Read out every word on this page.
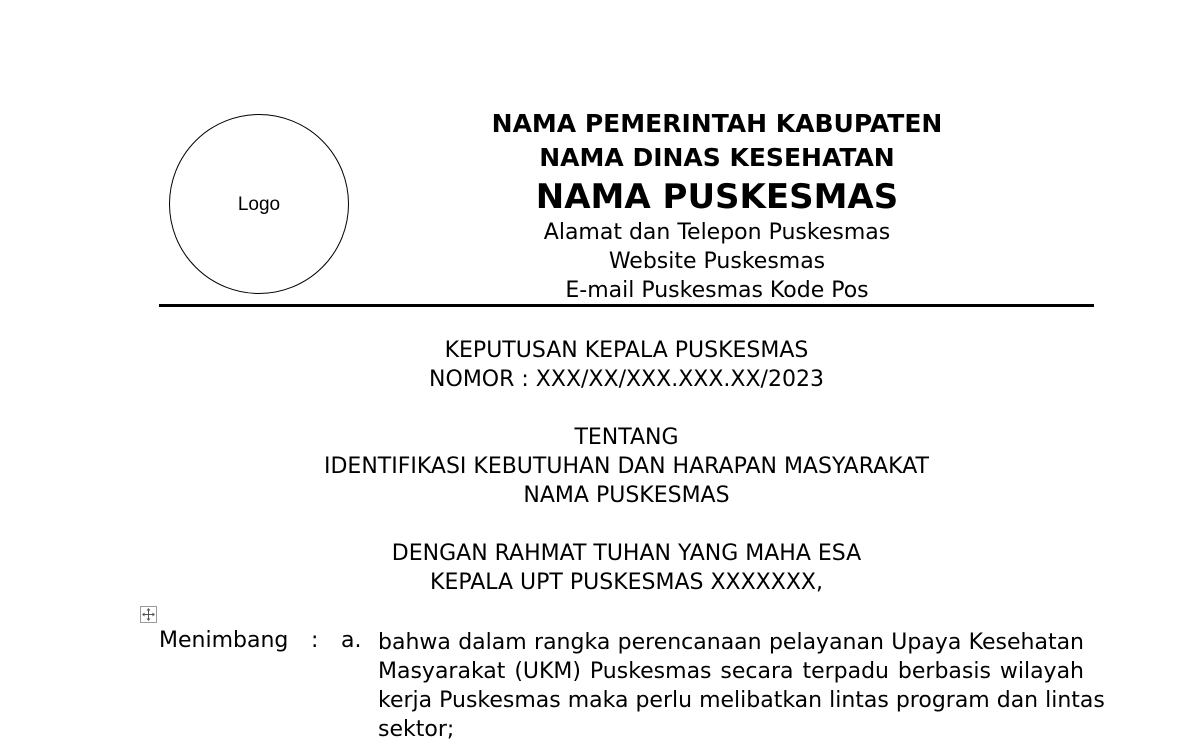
Logo
NAMA PEMERINTAH KABUPATEN
NAMA DINAS KESEHATAN
NAMA PUSKESMAS
Alamat dan Telepon Puskesmas
Website Puskesmas
E-mail Puskesmas Kode Pos
KEPUTUSAN KEPALA PUSKESMAS
NOMOR : XXX/XX/XXX.XXX.XX/2023
TENTANG
IDENTIFIKASI KEBUTUHAN DAN HARAPAN MASYARAKAT
NAMA PUSKESMAS
DENGAN RAHMAT TUHAN YANG MAHA ESA
KEPALA UPT PUSKESMAS XXXXXXX,
Menimbang : a. bahwa dalam rangka perencanaan pelayanan Upaya Kesehatan
Masyarakat (UKM) Puskesmas secara terpadu berbasis wilayah
kerja Puskesmas maka perlu melibatkan lintas program dan lintas
sektor;
